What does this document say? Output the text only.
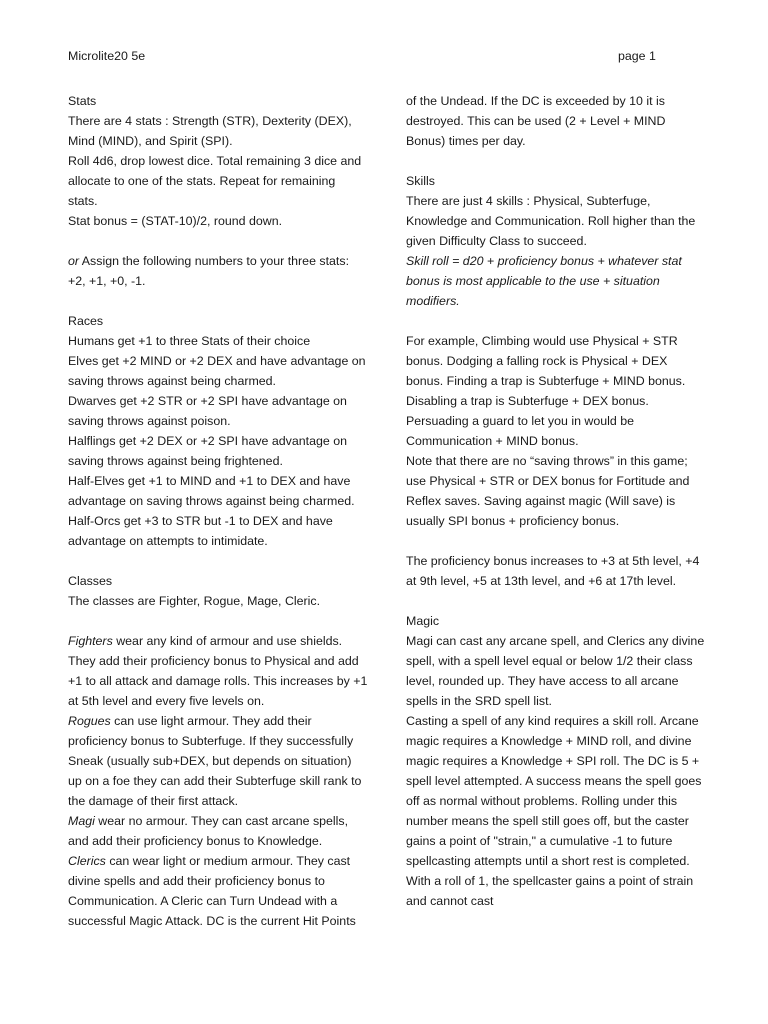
Microlite20 5e	page 1
Stats

There are 4 stats : Strength (STR), Dexterity (DEX), Mind (MIND), and Spirit (SPI).

Roll 4d6, drop lowest dice. Total remaining 3 dice and allocate to one of the stats. Repeat for remaining stats.

Stat bonus = (STAT-10)/2, round down.

or Assign the following numbers to your three stats: +2, +1, +0, -1.

Races

Humans get +1 to three Stats of their choice

Elves get +2 MIND or +2 DEX and have advantage on saving throws against being charmed.

Dwarves get +2 STR or +2 SPI have advantage on saving throws against poison.

Halflings get +2 DEX or +2 SPI have advantage on saving throws against being frightened.

Half-Elves get +1 to MIND and +1 to DEX and have advantage on saving throws against being charmed.

Half-Orcs get +3 to STR but -1 to DEX and have advantage on attempts to intimidate.

Classes

The classes are Fighter, Rogue, Mage, Cleric.

Fighters wear any kind of armour and use shields. They add their proficiency bonus to Physical and add +1 to all attack and damage rolls. This increases by +1 at 5th level and every five levels on.

Rogues can use light armour. They add their proficiency bonus to Subterfuge. If they successfully Sneak (usually sub+DEX, but depends on situation) up on a foe they can add their Subterfuge skill rank to the damage of their first attack.

Magi wear no armour. They can cast arcane spells, and add their proficiency bonus to Knowledge.

Clerics can wear light or medium armour. They cast divine spells and add their proficiency bonus to Communication. A Cleric can Turn Undead with a successful Magic Attack. DC is the current Hit Points

of the Undead. If the DC is exceeded by 10 it is destroyed. This can be used (2 + Level + MIND Bonus) times per day.

Skills

There are just 4 skills : Physical, Subterfuge, Knowledge and Communication. Roll higher than the given Difficulty Class to succeed.

Skill roll = d20 + proficiency bonus + whatever stat bonus is most applicable to the use + situation modifiers.

For example, Climbing would use Physical + STR bonus. Dodging a falling rock is Physical + DEX bonus. Finding a trap is Subterfuge + MIND bonus. Disabling a trap is Subterfuge + DEX bonus. Persuading a guard to let you in would be Communication + MIND bonus.

Note that there are no “saving throws” in this game; use Physical + STR or DEX bonus for Fortitude and Reflex saves. Saving against magic (Will save) is usually SPI bonus + proficiency bonus.

The proficiency bonus increases to +3 at 5th level, +4 at 9th level, +5 at 13th level, and +6 at 17th level.

Magic

Magi can cast any arcane spell, and Clerics any divine spell, with a spell level equal or below 1/2 their class level, rounded up. They have access to all arcane spells in the SRD spell list.

Casting a spell of any kind requires a skill roll. Arcane magic requires a Knowledge + MIND roll, and divine magic requires a Knowledge + SPI roll. The DC is 5 + spell level attempted. A success means the spell goes off as normal without problems. Rolling under this number means the spell still goes off, but the caster gains a point of "strain," a cumulative -1 to future spellcasting attempts until a short rest is completed. With a roll of 1, the spellcaster gains a point of strain and cannot cast
